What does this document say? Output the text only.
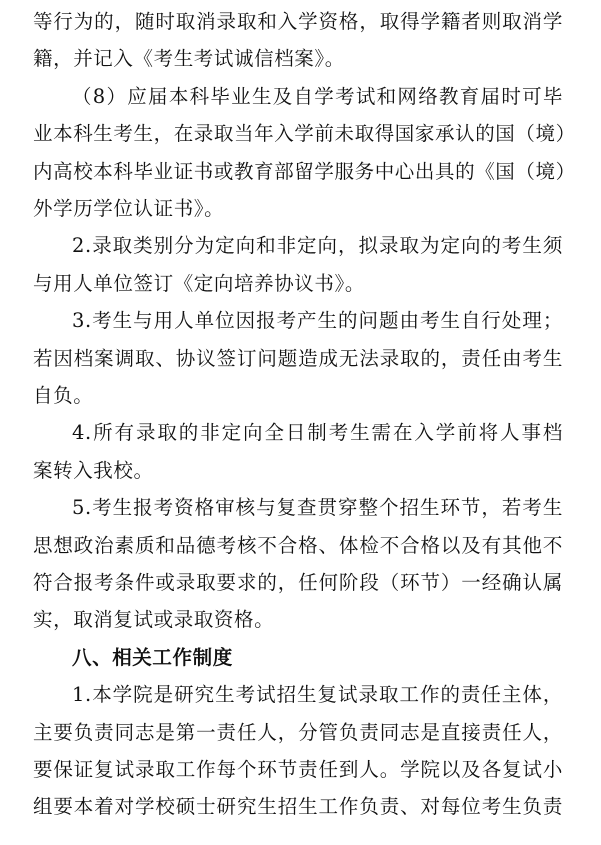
等行为的，随时取消录取和入学资格，取得学籍者则取消学
籍，并记入《考生考试诚信档案》。
（8）应届本科毕业生及自学考试和网络教育届时可毕
业本科生考生，在录取当年入学前未取得国家承认的国（境）
内高校本科毕业证书或教育部留学服务中心出具的《国（境）
外学历学位认证书》。
2.录取类别分为定向和非定向，拟录取为定向的考生须
与用人单位签订《定向培养协议书》。
3.考生与用人单位因报考产生的问题由考生自行处理；
若因档案调取、协议签订问题造成无法录取的，责任由考生
自负。
4.所有录取的非定向全日制考生需在入学前将人事档
案转入我校。
5.考生报考资格审核与复查贯穿整个招生环节，若考生
思想政治素质和品德考核不合格、体检不合格以及有其他不
符合报考条件或录取要求的，任何阶段（环节）一经确认属
实，取消复试或录取资格。
八、相关工作制度
1.本学院是研究生考试招生复试录取工作的责任主体，
主要负责同志是第一责任人，分管负责同志是直接责任人，
要保证复试录取工作每个环节责任到人。学院以及各复试小
组要本着对学校硕士研究生招生工作负责、对每位考生负责
